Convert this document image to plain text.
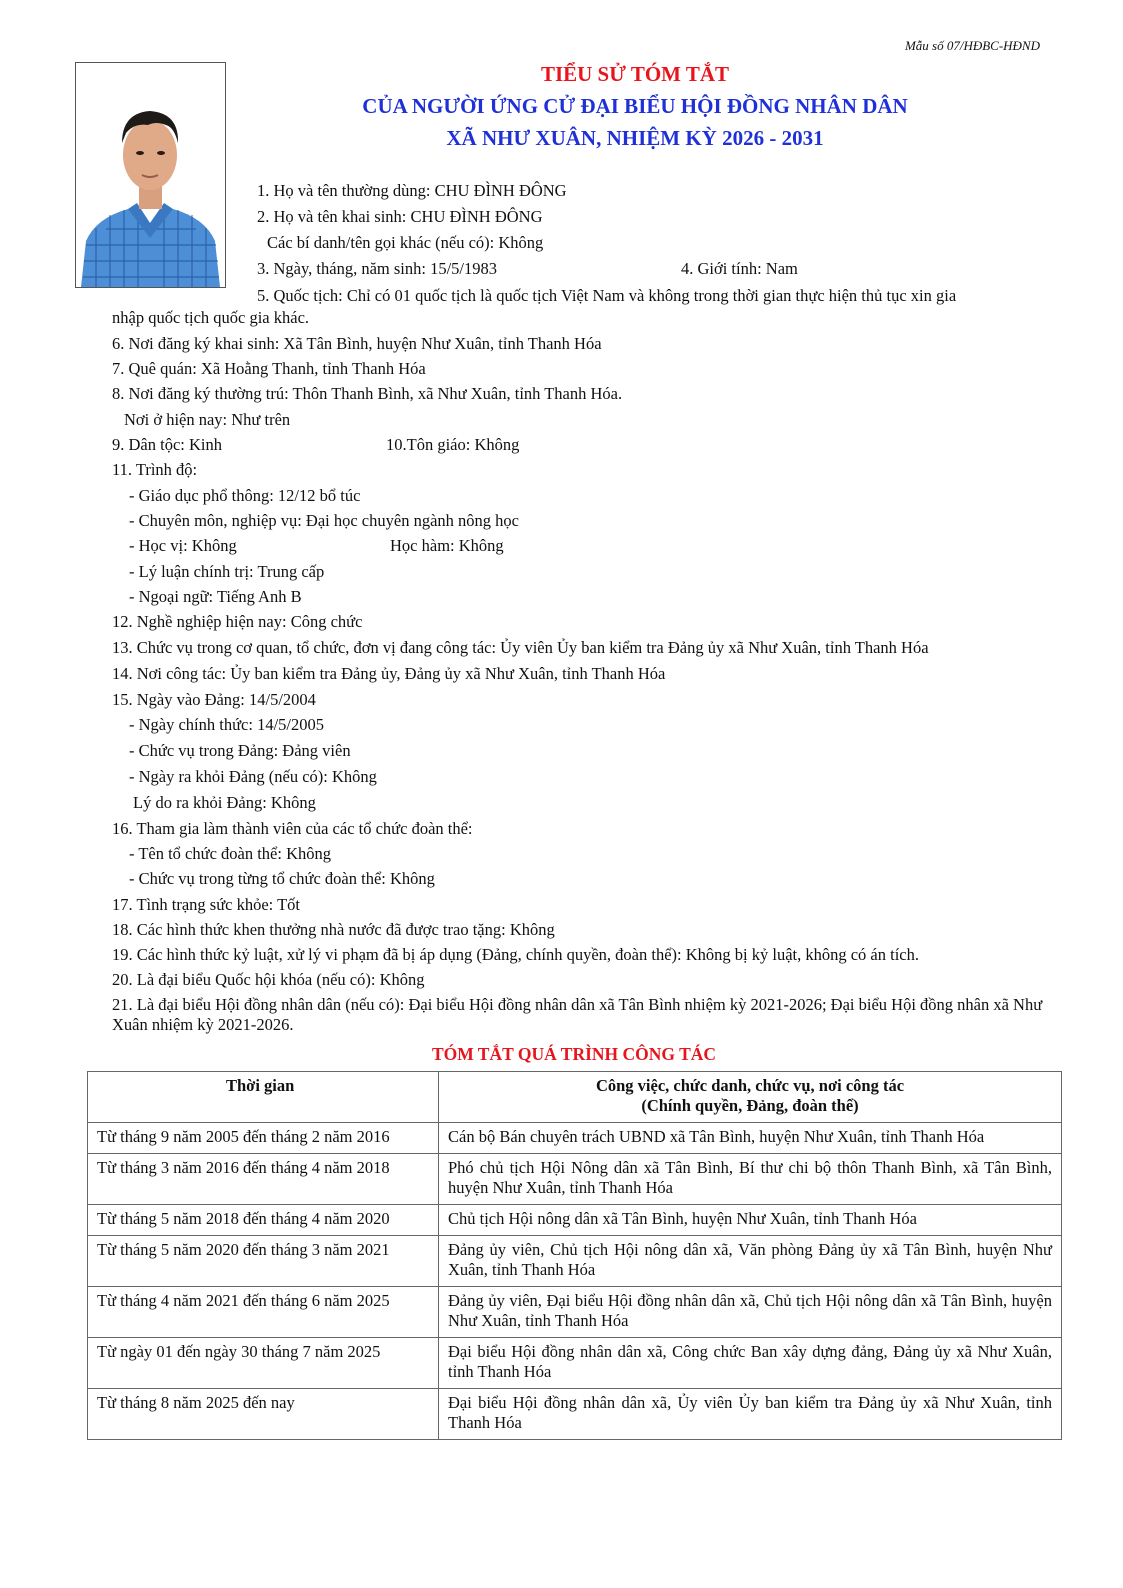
Mẫu số 07/HĐBC-HĐND
TIỂU SỬ TÓM TẮT
CỦA NGƯỜI ỨNG CỬ ĐẠI BIỂU HỘI ĐỒNG NHÂN DÂN
XÃ NHƯ XUÂN, NHIỆM KỲ 2026 - 2031
1. Họ và tên thường dùng: CHU ĐÌNH ĐÔNG
2. Họ và tên khai sinh: CHU ĐÌNH ĐÔNG
Các bí danh/tên gọi khác (nếu có): Không
3. Ngày, tháng, năm sinh: 15/5/1983	4. Giới tính: Nam
5. Quốc tịch: Chỉ có 01 quốc tịch là quốc tịch Việt Nam và không trong thời gian thực hiện thủ tục xin gia
nhập quốc tịch quốc gia khác.
6. Nơi đăng ký khai sinh: Xã Tân Bình, huyện Như Xuân, tỉnh Thanh Hóa
7. Quê quán: Xã Hoằng Thanh, tỉnh Thanh Hóa
8. Nơi đăng ký thường trú: Thôn Thanh Bình, xã Như Xuân, tỉnh Thanh Hóa.
Nơi ở hiện nay: Như trên
9. Dân tộc: Kinh	10.Tôn giáo: Không
11. Trình độ:
- Giáo dục phổ thông: 12/12 bổ túc
- Chuyên môn, nghiệp vụ: Đại học chuyên ngành nông học
- Học vị: Không	Học hàm: Không
- Lý luận chính trị: Trung cấp
- Ngoại ngữ: Tiếng Anh B
12. Nghề nghiệp hiện nay: Công chức
13. Chức vụ trong cơ quan, tổ chức, đơn vị đang công tác: Ủy viên Ủy ban kiểm tra Đảng ủy xã Như Xuân, tỉnh Thanh Hóa
14. Nơi công tác: Ủy ban kiểm tra Đảng ủy, Đảng ủy xã Như Xuân, tỉnh Thanh Hóa
15. Ngày vào Đảng: 14/5/2004
- Ngày chính thức: 14/5/2005
- Chức vụ trong Đảng: Đảng viên
- Ngày ra khỏi Đảng (nếu có): Không
Lý do ra khỏi Đảng: Không
16. Tham gia làm thành viên của các tổ chức đoàn thể:
- Tên tổ chức đoàn thể: Không
- Chức vụ trong từng tổ chức đoàn thể: Không
17. Tình trạng sức khỏe: Tốt
18. Các hình thức khen thưởng nhà nước đã được trao tặng: Không
19. Các hình thức kỷ luật, xử lý vi phạm đã bị áp dụng (Đảng, chính quyền, đoàn thể): Không bị kỷ luật, không có án tích.
20. Là đại biểu Quốc hội khóa (nếu có): Không
21. Là đại biểu Hội đồng nhân dân (nếu có): Đại biểu Hội đồng nhân dân xã Tân Bình nhiệm kỳ 2021-2026; Đại biểu Hội đồng nhân xã Như Xuân nhiệm kỳ 2021-2026.
TÓM TẮT QUÁ TRÌNH CÔNG TÁC
Thời gian	Công việc, chức danh, chức vụ, nơi công tác
(Chính quyền, Đảng, đoàn thể)

Từ tháng 9 năm 2005 đến tháng 2 năm 2016	Cán bộ Bán chuyên trách UBND xã Tân Bình, huyện Như Xuân, tỉnh Thanh Hóa
Từ tháng 3 năm 2016 đến tháng 4 năm 2018	Phó chủ tịch Hội Nông dân xã Tân Bình, Bí thư chi bộ thôn Thanh Bình, xã Tân Bình, huyện Như Xuân, tỉnh Thanh Hóa
Từ tháng 5 năm 2018 đến tháng 4 năm 2020	Chủ tịch Hội nông dân xã Tân Bình, huyện Như Xuân, tỉnh Thanh Hóa
Từ tháng 5 năm 2020 đến tháng 3 năm 2021	Đảng ủy viên, Chủ tịch Hội nông dân xã, Văn phòng Đảng ủy xã Tân Bình, huyện Như Xuân, tỉnh Thanh Hóa
Từ tháng 4 năm 2021 đến tháng 6 năm 2025	Đảng ủy viên, Đại biểu Hội đồng nhân dân xã, Chủ tịch Hội nông dân xã Tân Bình, huyện Như Xuân, tỉnh Thanh Hóa
Từ ngày 01 đến ngày 30 tháng 7 năm 2025	Đại biểu Hội đồng nhân dân xã, Công chức Ban xây dựng đảng, Đảng ủy xã Như Xuân, tỉnh Thanh Hóa
Từ tháng 8 năm 2025 đến nay	Đại biểu Hội đồng nhân dân xã, Ủy viên Ủy ban kiểm tra Đảng ủy xã Như Xuân, tỉnh Thanh Hóa
